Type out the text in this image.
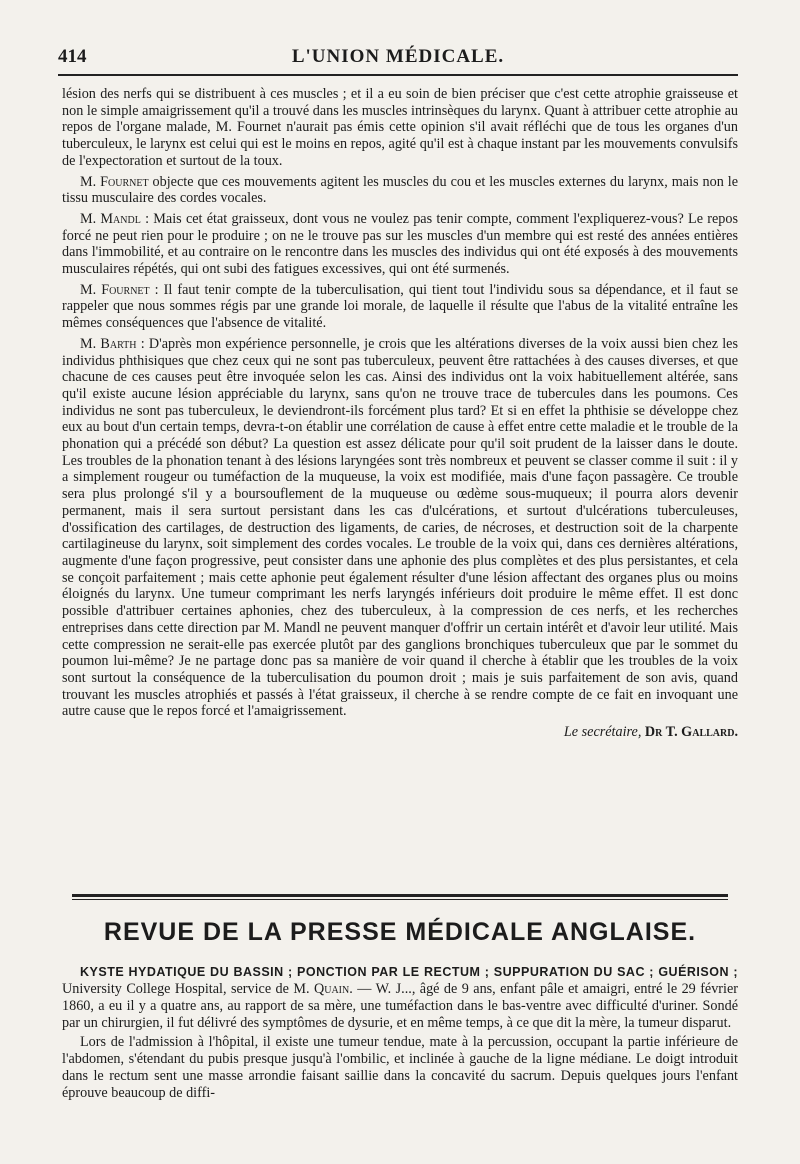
414	L'UNION MÉDICALE.

lésion des nerfs qui se distribuent à ces muscles ; et il a eu soin de bien préciser que c'est cette atrophie graisseuse et non le simple amaigrissement qu'il a trouvé dans les muscles intrinsèques du larynx. Quant à attribuer cette atrophie au repos de l'organe malade, M. Fournet n'aurait pas émis cette opinion s'il avait réfléchi que de tous les organes d'un tuberculeux, le larynx est celui qui est le moins en repos, agité qu'il est à chaque instant par les mouvements convulsifs de l'expectoration et surtout de la toux.

M. Fournet objecte que ces mouvements agitent les muscles du cou et les muscles externes du larynx, mais non le tissu musculaire des cordes vocales.

M. Mandl : Mais cet état graisseux, dont vous ne voulez pas tenir compte, comment l'expliquerez-vous? Le repos forcé ne peut rien pour le produire ; on ne le trouve pas sur les muscles d'un membre qui est resté des années entières dans l'immobilité, et au contraire on le rencontre dans les muscles des individus qui ont été exposés à des mouvements musculaires répétés, qui ont subi des fatigues excessives, qui ont été surmenés.

M. Fournet : Il faut tenir compte de la tuberculisation, qui tient tout l'individu sous sa dépendance, et il faut se rappeler que nous sommes régis par une grande loi morale, de laquelle il résulte que l'abus de la vitalité entraîne les mêmes conséquences que l'absence de vitalité.

M. Barth : D'après mon expérience personnelle, je crois que les altérations diverses de la voix aussi bien chez les individus phthisiques que chez ceux qui ne sont pas tuberculeux, peuvent être rattachées à des causes diverses, et que chacune de ces causes peut être invoquée selon les cas. Ainsi des individus ont la voix habituellement altérée, sans qu'il existe aucune lésion appréciable du larynx, sans qu'on ne trouve trace de tubercules dans les poumons. Ces individus ne sont pas tuberculeux, le deviendront-ils forcément plus tard? Et si en effet la phthisie se développe chez eux au bout d'un certain temps, devra-t-on établir une corrélation de cause à effet entre cette maladie et le trouble de la phonation qui a précédé son début? La question est assez délicate pour qu'il soit prudent de la laisser dans le doute. Les troubles de la phonation tenant à des lésions laryngées sont très nombreux et peuvent se classer comme il suit : il y a simplement rougeur ou tuméfaction de la muqueuse, la voix est modifiée, mais d'une façon passagère. Ce trouble sera plus prolongé s'il y a boursouflement de la muqueuse ou œdème sous-muqueux; il pourra alors devenir permanent, mais il sera surtout persistant dans les cas d'ulcérations, et surtout d'ulcérations tuberculeuses, d'ossification des cartilages, de destruction des ligaments, de caries, de nécroses, et destruction soit de la charpente cartilagineuse du larynx, soit simplement des cordes vocales. Le trouble de la voix qui, dans ces dernières altérations, augmente d'une façon progressive, peut consister dans une aphonie des plus complètes et des plus persistantes, et cela se conçoit parfaitement ; mais cette aphonie peut également résulter d'une lésion affectant des organes plus ou moins éloignés du larynx. Une tumeur comprimant les nerfs laryngés inférieurs doit produire le même effet. Il est donc possible d'attribuer certaines aphonies, chez des tuberculeux, à la compression de ces nerfs, et les recherches entreprises dans cette direction par M. Mandl ne peuvent manquer d'offrir un certain intérêt et d'avoir leur utilité. Mais cette compression ne serait-elle pas exercée plutôt par des ganglions bronchiques tuberculeux que par le sommet du poumon lui-même? Je ne partage donc pas sa manière de voir quand il cherche à établir que les troubles de la voix sont surtout la conséquence de la tuberculisation du poumon droit ; mais je suis parfaitement de son avis, quand trouvant les muscles atrophiés et passés à l'état graisseux, il cherche à se rendre compte de ce fait en invoquant une autre cause que le repos forcé et l'amaigrissement.

Le secrétaire, Dr T. Gallard.
REVUE DE LA PRESSE MÉDICALE ANGLAISE.

KYSTE HYDATIQUE DU BASSIN ; PONCTION PAR LE RECTUM ; SUPPURATION DU SAC ; GUÉRISON ; University College Hospital, service de M. Quain. — W. J..., âgé de 9 ans, enfant pâle et amaigri, entré le 29 février 1860, a eu il y a quatre ans, au rapport de sa mère, une tuméfaction dans le bas-ventre avec difficulté d'uriner. Sondé par un chirurgien, il fut délivré des symptômes de dysurie, et en même temps, à ce que dit la mère, la tumeur disparut.

Lors de l'admission à l'hôpital, il existe une tumeur tendue, mate à la percussion, occupant la partie inférieure de l'abdomen, s'étendant du pubis presque jusqu'à l'ombilic, et inclinée à gauche de la ligne médiane. Le doigt introduit dans le rectum sent une masse arrondie faisant saillie dans la concavité du sacrum. Depuis quelques jours l'enfant éprouve beaucoup de diffi-
